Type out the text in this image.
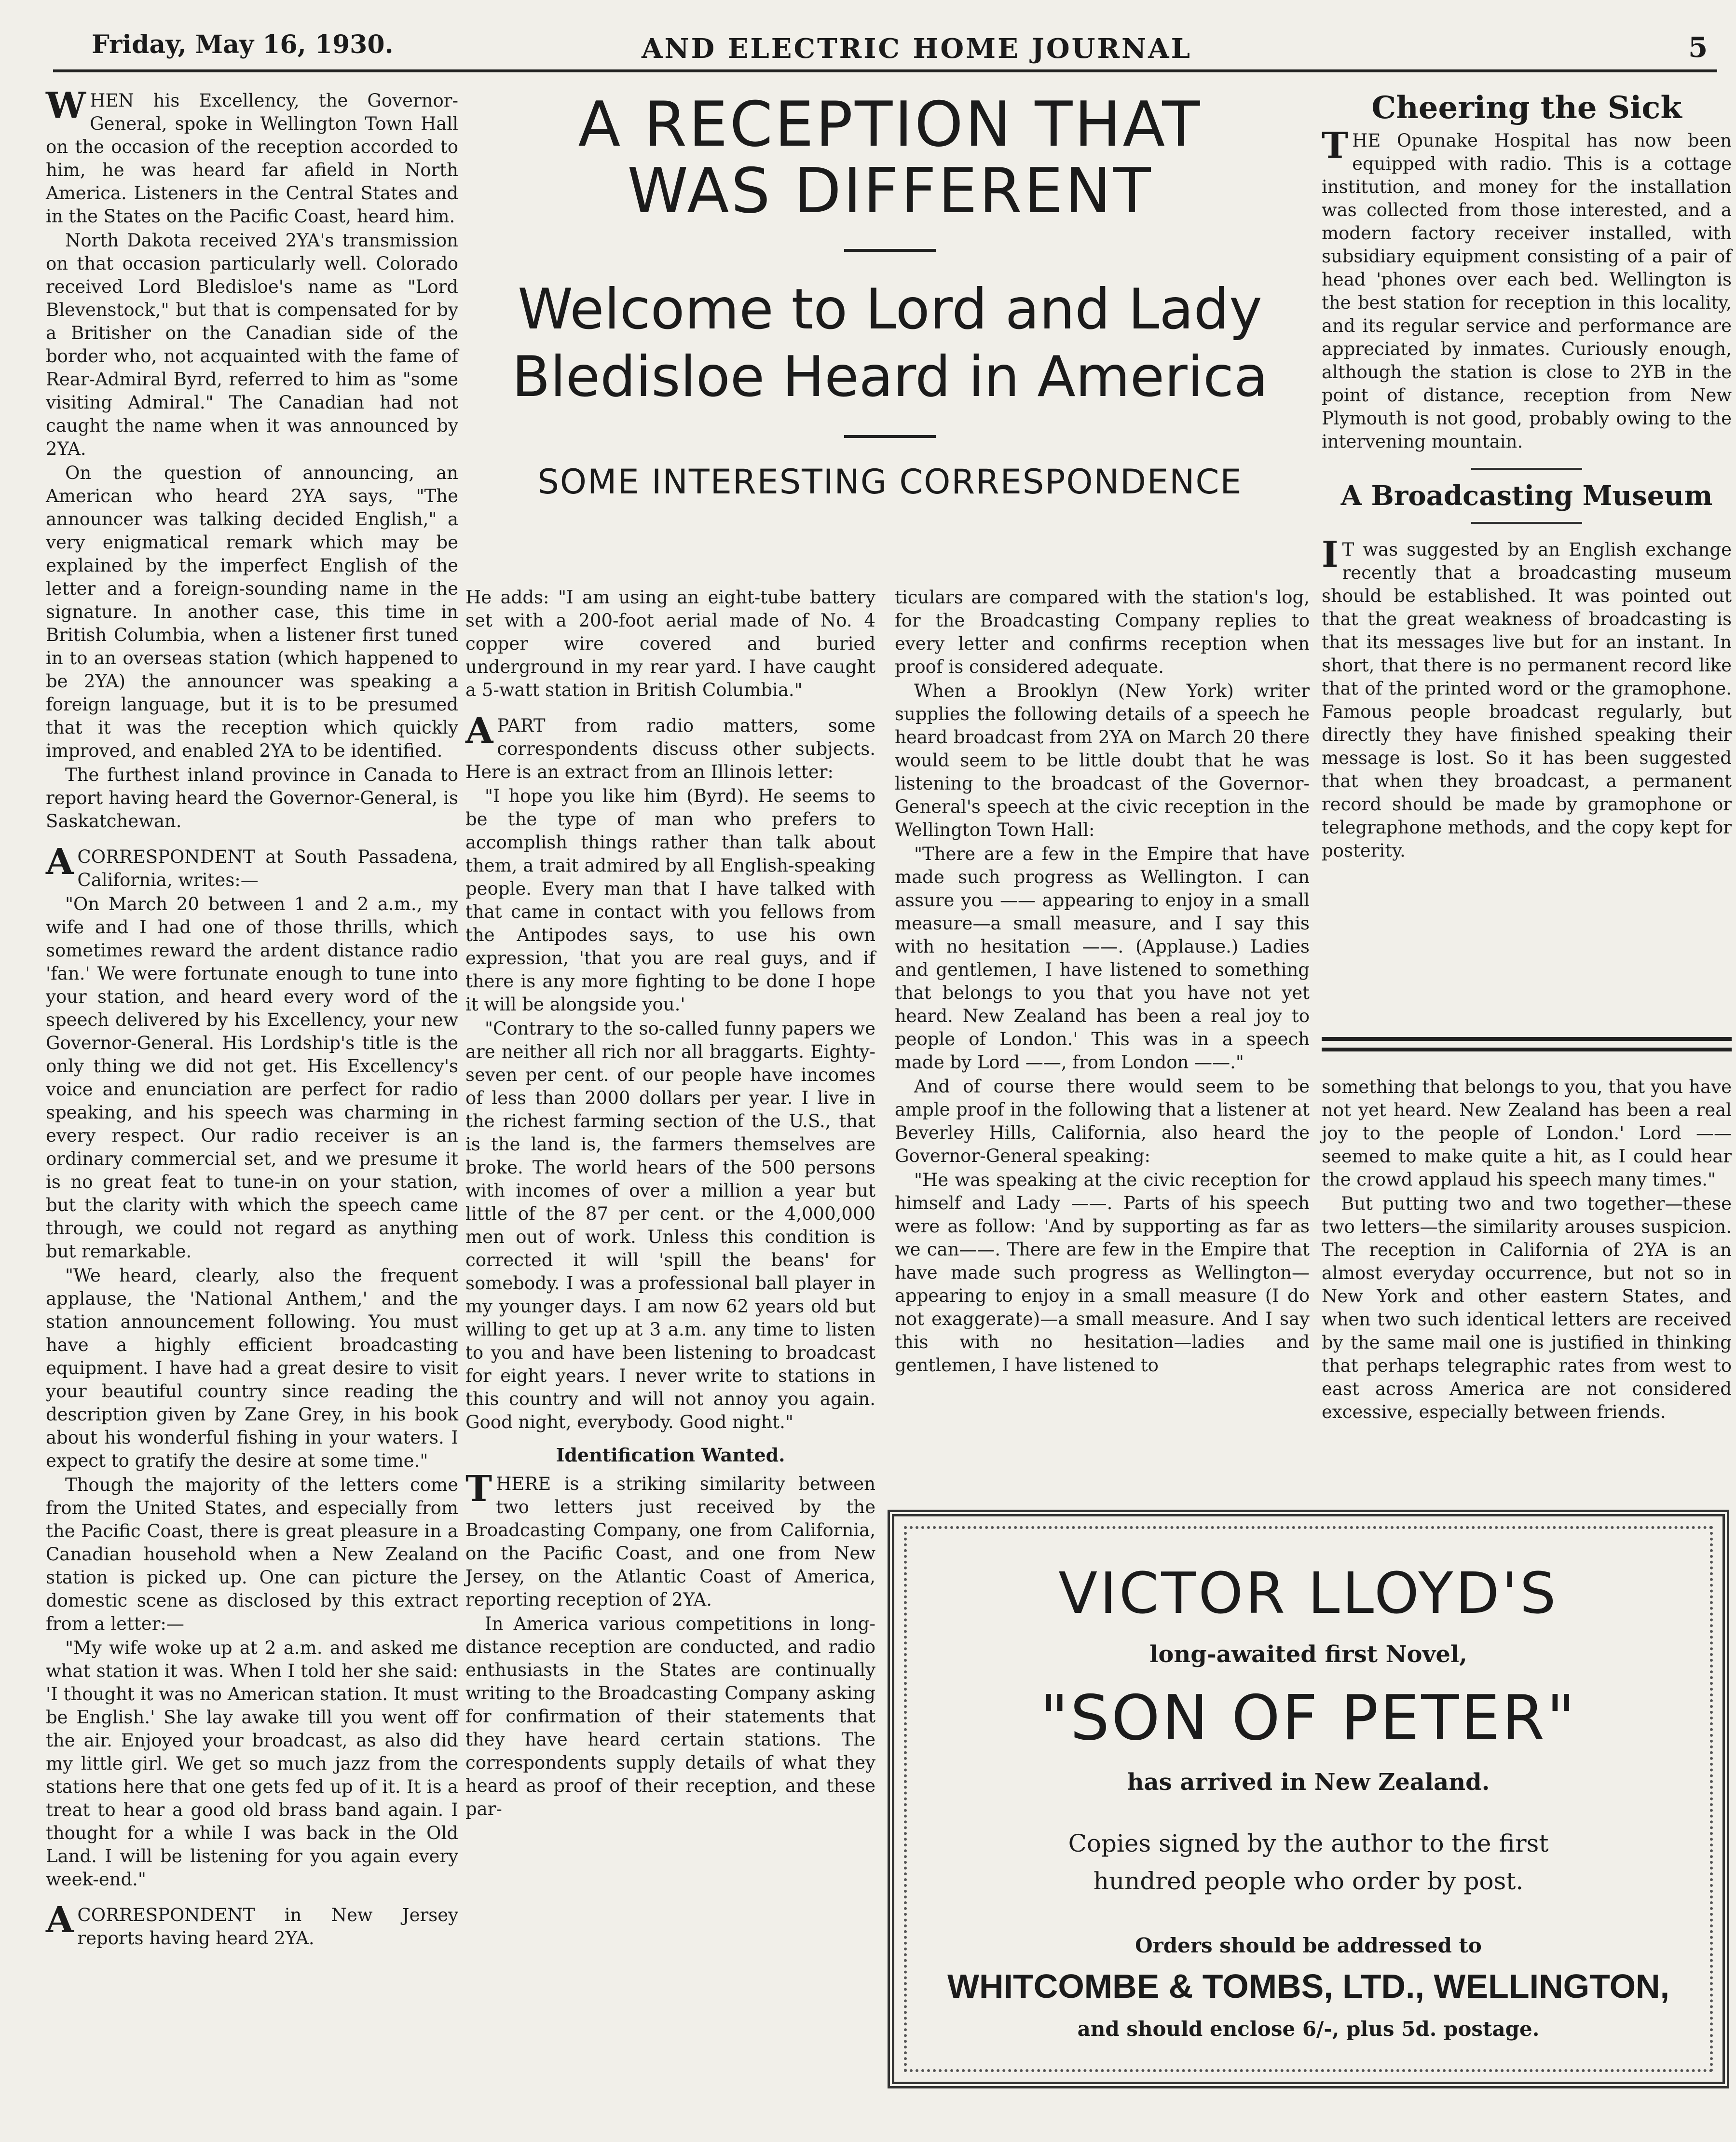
Friday, May 16, 1930.	AND ELECTRIC HOME JOURNAL	5

WHEN his Excellency, the Governor-General, spoke in Wellington Town Hall on the occasion of the reception accorded to him, he was heard far afield in North America. Listeners in the Central States and in the States on the Pacific Coast, heard him.

North Dakota received 2YA's transmission on that occasion particularly well. Colorado received Lord Bledisloe's name as "Lord Blevenstock," but that is compensated for by a Britisher on the Canadian side of the border who, not acquainted with the fame of Rear-Admiral Byrd, referred to him as "some visiting Admiral." The Canadian had not caught the name when it was announced by 2YA.

On the question of announcing, an American who heard 2YA says, "The announcer was talking decided English," a very enigmatical remark which may be explained by the imperfect English of the letter and a foreign-sounding name in the signature. In another case, this time in British Columbia, when a listener first tuned in to an overseas station (which happened to be 2YA) the announcer was speaking a foreign language, but it is to be presumed that it was the reception which quickly improved, and enabled 2YA to be identified.

The furthest inland province in Canada to report having heard the Governor-General, is Saskatchewan.

ACORRESPONDENT at South Passadena, California, writes:—

"On March 20 between 1 and 2 a.m., my wife and I had one of those thrills, which sometimes reward the ardent distance radio 'fan.' We were fortunate enough to tune into your station, and heard every word of the speech delivered by his Excellency, your new Governor-General. His Lordship's title is the only thing we did not get. His Excellency's voice and enunciation are perfect for radio speaking, and his speech was charming in every respect. Our radio receiver is an ordinary commercial set, and we presume it is no great feat to tune-in on your station, but the clarity with which the speech came through, we could not regard as anything but remarkable.

"We heard, clearly, also the frequent applause, the 'National Anthem,' and the station announcement following. You must have a highly efficient broadcasting equipment. I have had a great desire to visit your beautiful country since reading the description given by Zane Grey, in his book about his wonderful fishing in your waters. I expect to gratify the desire at some time."

Though the majority of the letters come from the United States, and especially from the Pacific Coast, there is great pleasure in a Canadian household when a New Zealand station is picked up. One can picture the domestic scene as disclosed by this extract from a letter:—

"My wife woke up at 2 a.m. and asked me what station it was. When I told her she said: 'I thought it was no American station. It must be English.' She lay awake till you went off the air. Enjoyed your broadcast, as also did my little girl. We get so much jazz from the stations here that one gets fed up of it. It is a treat to hear a good old brass band again. I thought for a while I was back in the Old Land. I will be listening for you again every week-end."

ACORRESPONDENT in New Jersey reports having heard 2YA.

A RECEPTION THAT
WAS DIFFERENT
Welcome to Lord and Lady
Bledisloe Heard in America
SOME INTERESTING CORRESPONDENCE

He adds: "I am using an eight-tube battery set with a 200-foot aerial made of No. 4 copper wire covered and buried underground in my rear yard. I have caught a 5-watt station in British Columbia."

APART from radio matters, some correspondents discuss other subjects. Here is an extract from an Illinois letter:

"I hope you like him (Byrd). He seems to be the type of man who prefers to accomplish things rather than talk about them, a trait admired by all English-speaking people. Every man that I have talked with that came in contact with you fellows from the Antipodes says, to use his own expression, 'that you are real guys, and if there is any more fighting to be done I hope it will be alongside you.'

"Contrary to the so-called funny papers we are neither all rich nor all braggarts. Eighty-seven per cent. of our people have incomes of less than 2000 dollars per year. I live in the richest farming section of the U.S., that is the land is, the farmers themselves are broke. The world hears of the 500 persons with incomes of over a million a year but little of the 87 per cent. or the 4,000,000 men out of work. Unless this condition is corrected it will 'spill the beans' for somebody. I was a professional ball player in my younger days. I am now 62 years old but willing to get up at 3 a.m. any time to listen to you and have been listening to broadcast for eight years. I never write to stations in this country and will not annoy you again. Good night, everybody. Good night."

Identification Wanted.

THERE is a striking similarity between two letters just received by the Broadcasting Company, one from California, on the Pacific Coast, and one from New Jersey, on the Atlantic Coast of America, reporting reception of 2YA.

In America various competitions in long-distance reception are conducted, and radio enthusiasts in the States are continually writing to the Broadcasting Company asking for confirmation of their statements that they have heard certain stations. The correspondents supply details of what they heard as proof of their reception, and these par-

ticulars are compared with the station's log, for the Broadcasting Company replies to every letter and confirms reception when proof is considered adequate.

When a Brooklyn (New York) writer supplies the following details of a speech he heard broadcast from 2YA on March 20 there would seem to be little doubt that he was listening to the broadcast of the Governor-General's speech at the civic reception in the Wellington Town Hall:

"There are a few in the Empire that have made such progress as Wellington. I can assure you —— appearing to enjoy in a small measure—a small measure, and I say this with no hesitation ——. (Applause.) Ladies and gentlemen, I have listened to something that belongs to you that you have not yet heard. New Zealand has been a real joy to people of London.' This was in a speech made by Lord ——, from London ——."

And of course there would seem to be ample proof in the following that a listener at Beverley Hills, California, also heard the Governor-General speaking:

"He was speaking at the civic reception for himself and Lady ——. Parts of his speech were as follow: 'And by supporting as far as we can——. There are few in the Empire that have made such progress as Wellington—appearing to enjoy in a small measure (I do not exaggerate)—a small measure. And I say this with no hesitation—ladies and gentlemen, I have listened to

Cheering the Sick

THE Opunake Hospital has now been equipped with radio. This is a cottage institution, and money for the installation was collected from those interested, and a modern factory receiver installed, with subsidiary equipment consisting of a pair of head 'phones over each bed. Wellington is the best station for reception in this locality, and its regular service and performance are appreciated by inmates. Curiously enough, although the station is close to 2YB in the point of distance, reception from New Plymouth is not good, probably owing to the intervening mountain.

A Broadcasting Museum

I T was suggested by an English exchange recently that a broadcasting museum should be established. It was pointed out that the great weakness of broadcasting is that its messages live but for an instant. In short, that there is no permanent record like that of the printed word or the gramophone. Famous people broadcast regularly, but directly they have finished speaking their message is lost. So it has been suggested that when they broadcast, a permanent record should be made by gramophone or telegraphone methods, and the copy kept for posterity.

something that belongs to you, that you have not yet heard. New Zealand has been a real joy to the people of London.' Lord —— seemed to make quite a hit, as I could hear the crowd applaud his speech many times."

But putting two and two together—these two letters—the similarity arouses suspicion. The reception in California of 2YA is an almost everyday occurrence, but not so in New York and other eastern States, and when two such identical letters are received by the same mail one is justified in thinking that perhaps telegraphic rates from west to east across America are not considered excessive, especially between friends.

VICTOR LLOYD'S
long-awaited first Novel,
"SON OF PETER"
has arrived in New Zealand.
Copies signed by the author to the first hundred people who order by post.
Orders should be addressed to
WHITCOMBE & TOMBS, LTD., WELLINGTON,
and should enclose 6/-, plus 5d. postage.
